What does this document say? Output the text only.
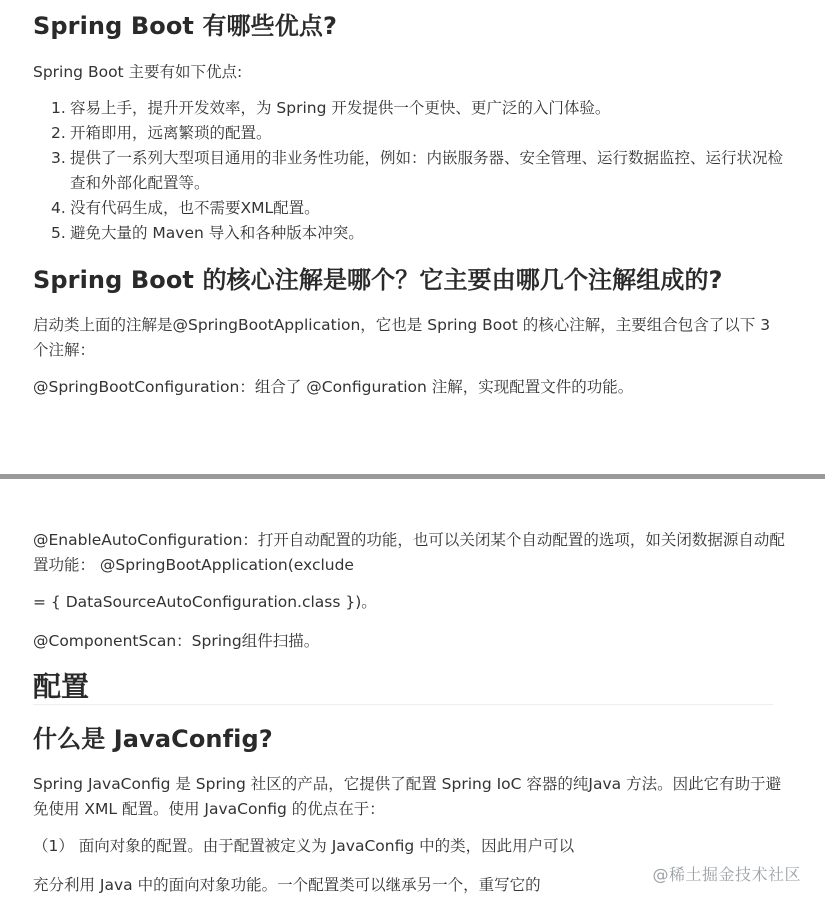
Spring Boot 有哪些优点?

Spring Boot 主要有如下优点:

1. 容易上手，提升开发效率，为 Spring 开发提供一个更快、更广泛的入门体验。
2. 开箱即用，远离繁琐的配置。
3. 提供了一系列大型项目通用的非业务性功能，例如：内嵌服务器、安全管理、运行数据监控、运行状况检查和外部化配置等。
4. 没有代码生成，也不需要XML配置。
5. 避免大量的 Maven 导入和各种版本冲突。
Spring Boot 的核心注解是哪个？它主要由哪几个注解组成的?

启动类上面的注解是@SpringBootApplication，它也是 Spring Boot 的核心注解，主要组合包含了以下 3 个注解：

@SpringBootConfiguration：组合了 @Configuration 注解，实现配置文件的功能。

@EnableAutoConfiguration：打开自动配置的功能，也可以关闭某个自动配置的选项，如关闭数据源自动配置功能： @SpringBootApplication(exclude

= { DataSourceAutoConfiguration.class })。

@ComponentScan：Spring组件扫描。

配置
什么是 JavaConfig?

Spring JavaConfig 是 Spring 社区的产品，它提供了配置 Spring IoC 容器的纯Java 方法。因此它有助于避免使用 XML 配置。使用 JavaConfig 的优点在于：

（1） 面向对象的配置。由于配置被定义为 JavaConfig 中的类，因此用户可以

充分利用 Java 中的面向对象功能。一个配置类可以继承另一个，重写它的

@稀土掘金技术社区
